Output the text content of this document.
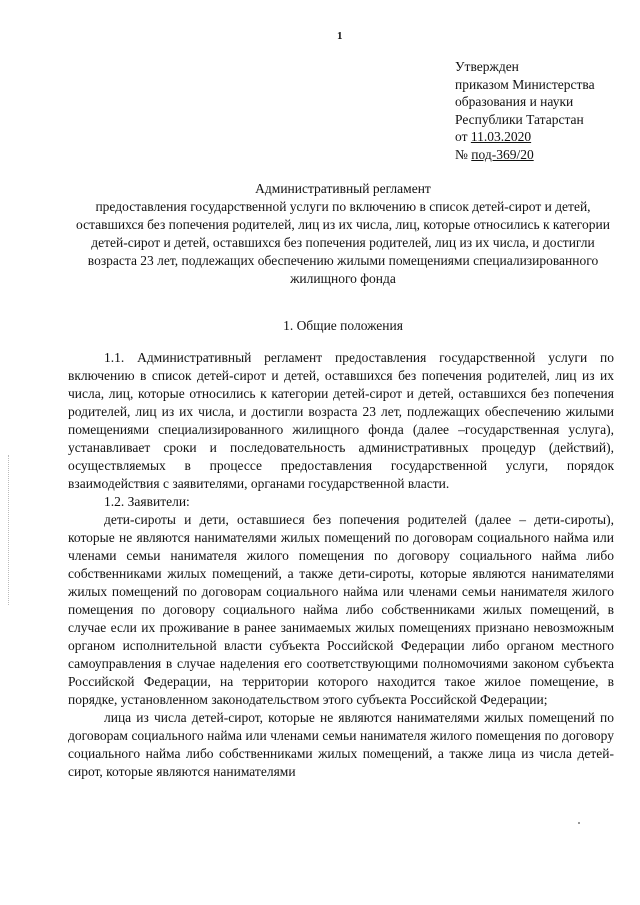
1
Утвержден
приказом Министерства
образования и науки
Республики Татарстан
от 11.03.2020
№ под-369/20
Административный регламент
предоставления государственной услуги по включению в список детей-сирот и детей, оставшихся без попечения родителей, лиц из их числа, лиц, которые относились к категории детей-сирот и детей, оставшихся без попечения родителей, лиц из их числа, и достигли возраста 23 лет, подлежащих обеспечению жилыми помещениями специализированного жилищного фонда
1. Общие положения

1.1. Административный регламент предоставления государственной услуги по включению в список детей-сирот и детей, оставшихся без попечения родителей, лиц из их числа, лиц, которые относились к категории детей-сирот и детей, оставшихся без попечения родителей, лиц из их числа, и достигли возраста 23 лет, подлежащих обеспечению жилыми помещениями специализированного жилищного фонда (далее –государственная услуга), устанавливает сроки и последовательность административных процедур (действий), осуществляемых в процессе предоставления государственной услуги, порядок взаимодействия с заявителями, органами государственной власти.

1.2. Заявители:

дети-сироты и дети, оставшиеся без попечения родителей (далее – дети-сироты), которые не являются нанимателями жилых помещений по договорам социального найма или членами семьи нанимателя жилого помещения по договору социального найма либо собственниками жилых помещений, а также дети-сироты, которые являются нанимателями жилых помещений по договорам социального найма или членами семьи нанимателя жилого помещения по договору социального найма либо собственниками жилых помещений, в случае если их проживание в ранее занимаемых жилых помещениях признано невозможным органом исполнительной власти субъекта Российской Федерации либо органом местного самоуправления в случае наделения его соответствующими полномочиями законом субъекта Российской Федерации, на территории которого находится такое жилое помещение, в порядке, установленном законодательством этого субъекта Российской Федерации;

лица из числа детей-сирот, которые не являются нанимателями жилых помещений по договорам социального найма или членами семьи нанимателя жилого помещения по договору социального найма либо собственниками жилых помещений, а также лица из числа детей-сирот, которые являются нанимателями
